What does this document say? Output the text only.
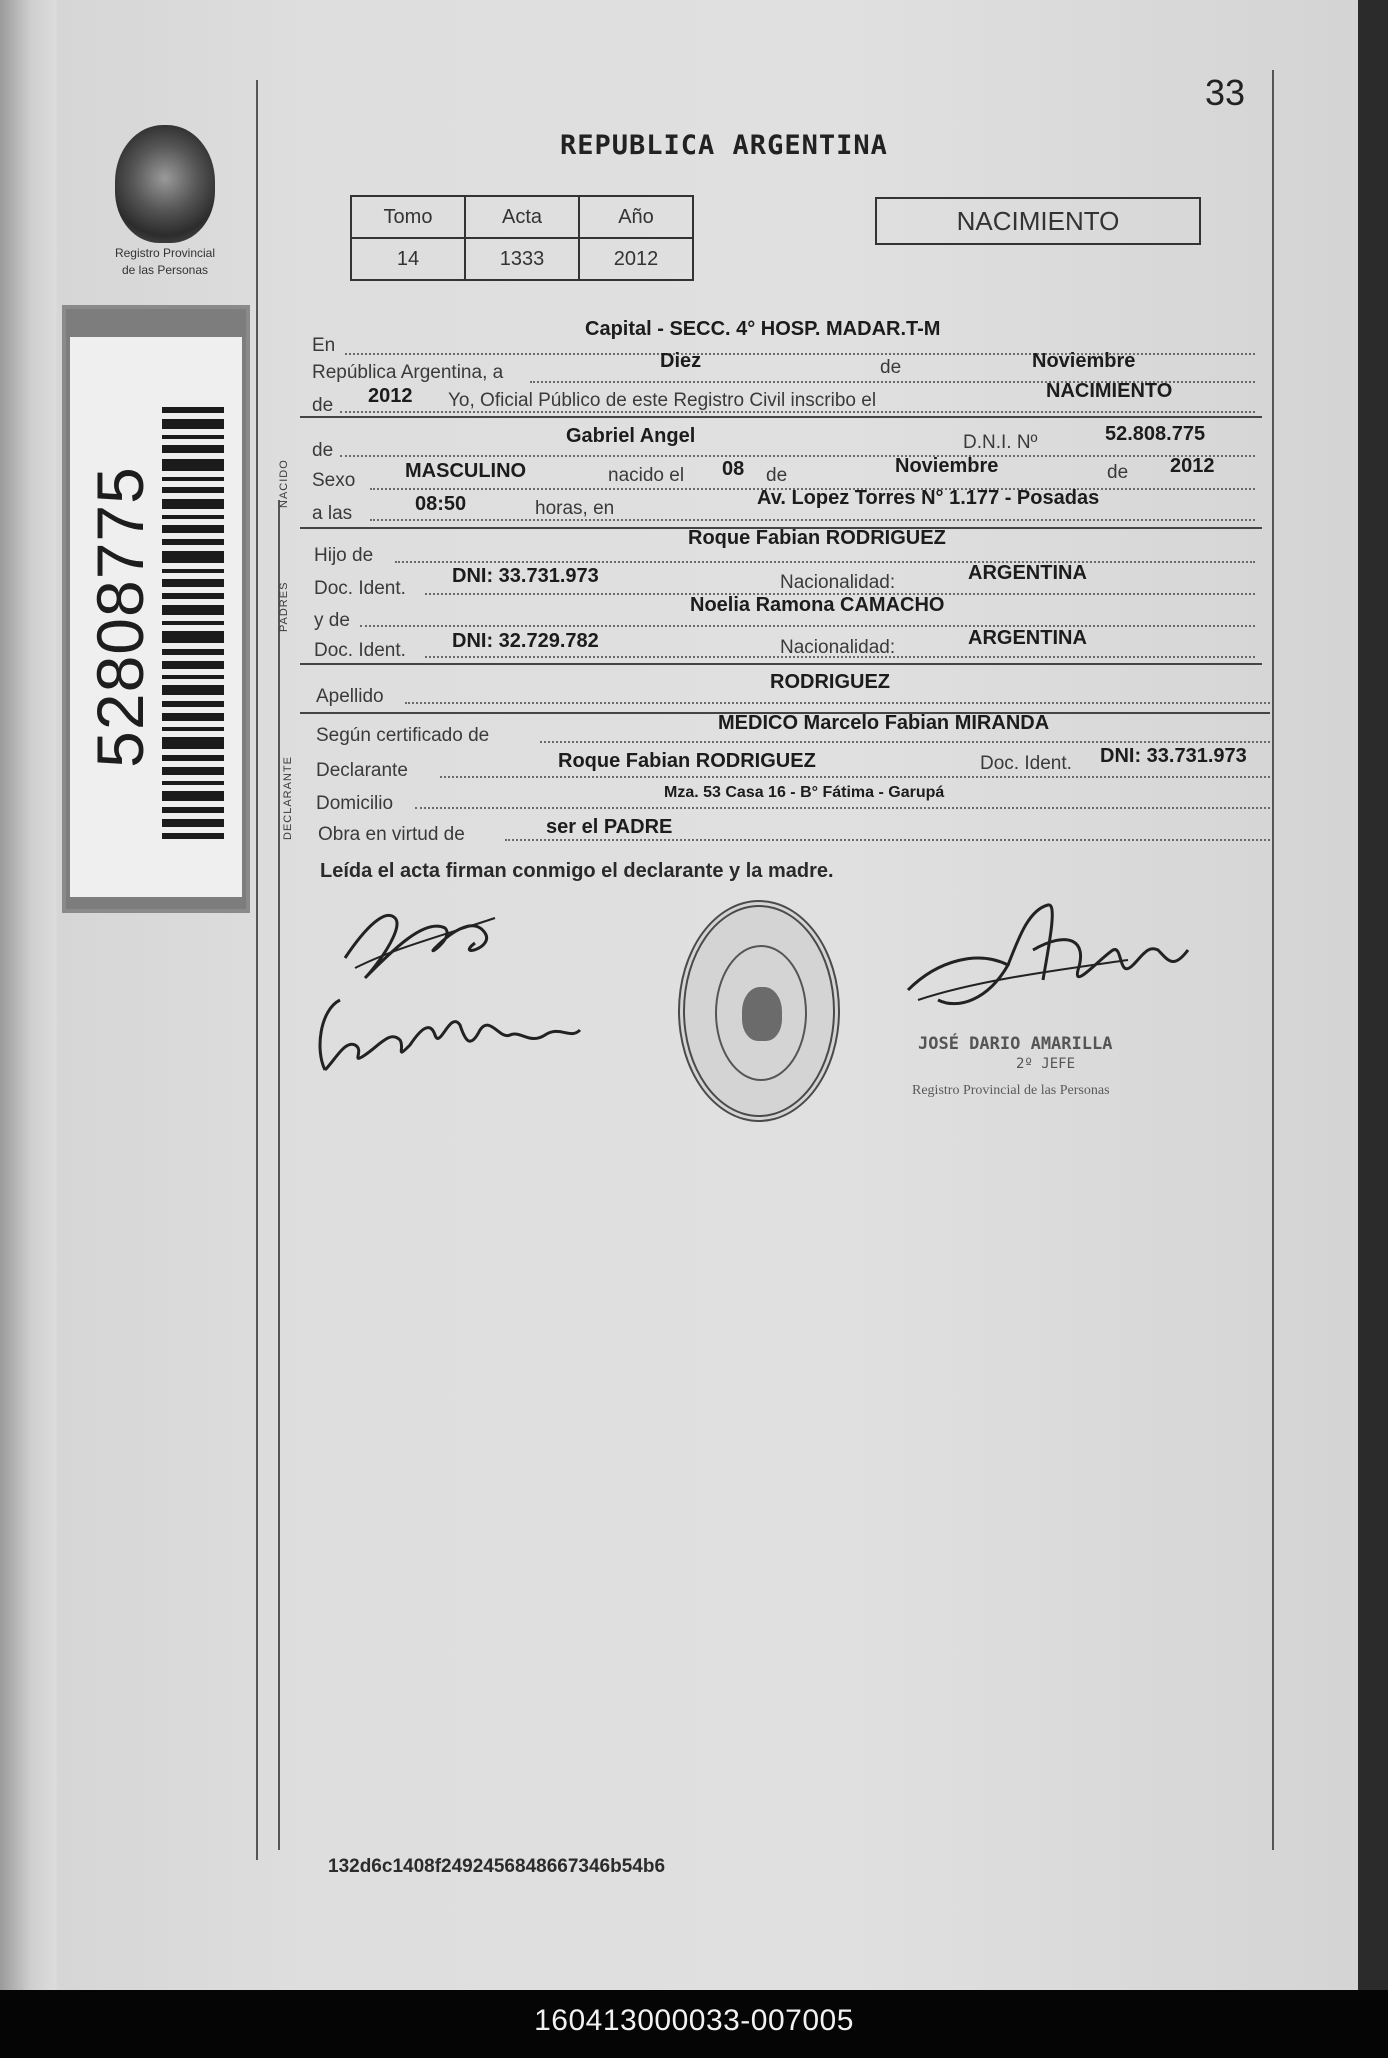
Registro Provincial
de las Personas
52808775
33
REPUBLICA ARGENTINA
Tomo	Acta	Año
14	1333	2012
NACIMIENTO
En
Capital - SECC. 4° HOSP. MADAR.T-M
República Argentina, a
Diez	de	Noviembre
de 2012 Yo, Oficial Público de este Registro Civil inscribo el	NACIMIENTO
NACIDO
de
Gabriel Angel	D.N.I. Nº	52.808.775
Sexo MASCULINO	nacido el 08 de	Noviembre	de 2012
a las	08:50	horas, en	Av. Lopez Torres N° 1.177 - Posadas
PADRES
Hijo de
Roque Fabian RODRIGUEZ
Doc. Ident.
DNI: 33.731.973	Nacionalidad:	ARGENTINA
y de
Noelia Ramona CAMACHO
Doc. Ident. DNI: 32.729.782	Nacionalidad:	ARGENTINA
Apellido
RODRIGUEZ
DECLARANTE
Según certificado de
MEDICO Marcelo Fabian MIRANDA
Declarante	Roque Fabian RODRIGUEZ	Doc. Ident. DNI: 33.731.973
Domicilio
Mza. 53 Casa 16 - B° Fátima - Garupá
Obra en virtud de	ser el PADRE
Leída el acta firman conmigo el declarante y la madre.
JOSÉ DARIO AMARILLA
2º JEFE
Registro Provincial de las Personas
132d6c1408f2492456848667346b54b6
160413000033-007005
